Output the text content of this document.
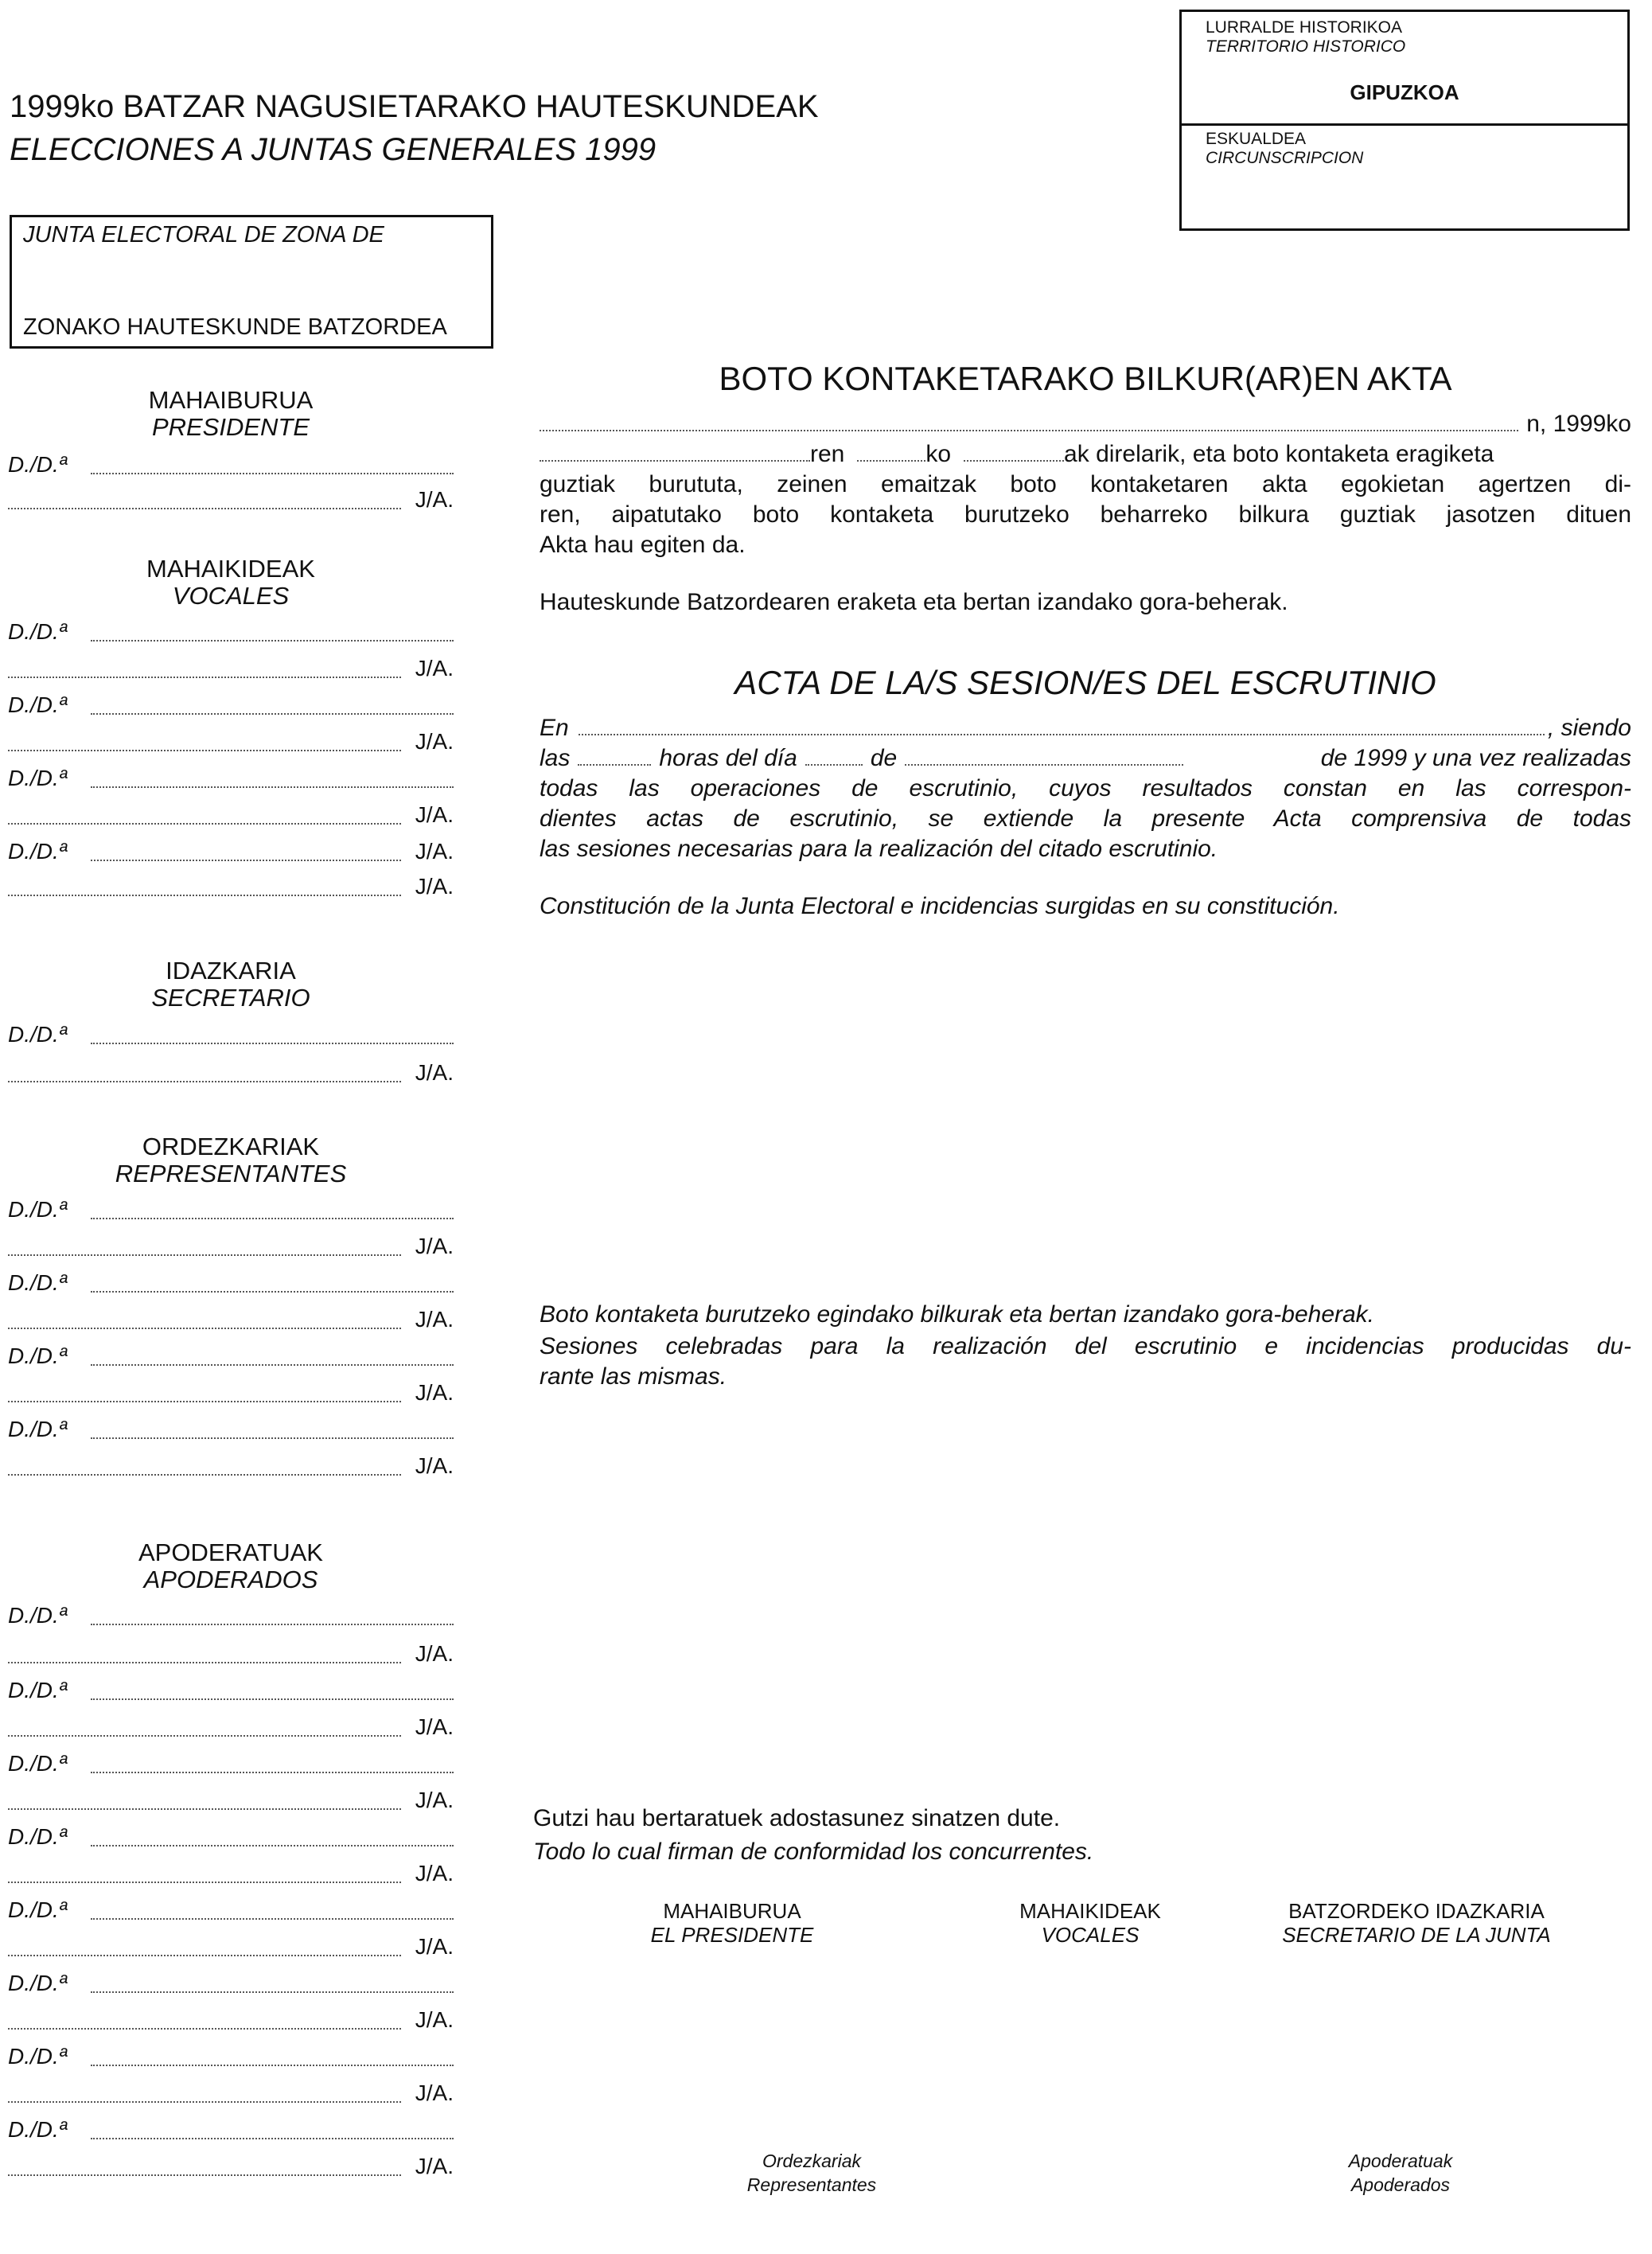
1999ko BATZAR NAGUSIETARAKO HAUTESKUNDEAK
ELECCIONES A JUNTAS GENERALES 1999
LURRALDE HISTORIKOA
TERRITORIO HISTORICO
GIPUZKOA
ESKUALDEA
CIRCUNSCRIPCION
JUNTA ELECTORAL DE ZONA DE
ZONAKO HAUTESKUNDE BATZORDEA
MAHAIBURUA
PRESIDENTE
MAHAIKIDEAK
VOCALES
IDAZKARIA
SECRETARIO
ORDEZKARIAK
REPRESENTANTES
APODERATUAK
APODERADOS
D./D.ª
J/A.
D./D.ª
J/A.
D./D.ª
J/A.
D./D.ª
J/A.
D./D.ª	J/A.
J/A.
D./D.ª
J/A.
D./D.ª
J/A.
D./D.ª
J/A.
D./D.ª
J/A.
D./D.ª
J/A.
D./D.ª
J/A.
D./D.ª
J/A.
D./D.ª
J/A.
D./D.ª
J/A.
D./D.ª
J/A.
D./D.ª
J/A.
D./D.ª
J/A.
D./D.ª
J/A.
BOTO KONTAKETARAKO BILKUR(AR)EN AKTA
n, 1999ko
ren	ko	ak direlarik, eta boto kontaketa eragiketa
guztiak burututa, zeinen emaitzak boto kontaketaren akta egokietan agertzen di-
ren, aipatutako boto kontaketa burutzeko beharreko bilkura guztiak jasotzen dituen
Akta hau egiten da.
Hauteskunde Batzordearen eraketa eta bertan izandako gora-beherak.
ACTA DE LA/S SESION/ES DEL ESCRUTINIO
En	, siendo
las	horas del día	de	de 1999 y una vez realizadas
todas las operaciones de escrutinio, cuyos resultados constan en las correspon-
dientes actas de escrutinio, se extiende la presente Acta comprensiva de todas
las sesiones necesarias para la realización del citado escrutinio.
Constitución de la Junta Electoral e incidencias surgidas en su constitución.
Boto kontaketa burutzeko egindako bilkurak eta bertan izandako gora-beherak.
Sesiones celebradas para la realización del escrutinio e incidencias producidas du-
rante las mismas.
Gutzi hau bertaratuek adostasunez sinatzen dute.
Todo lo cual firman de conformidad los concurrentes.
MAHAIBURUA
EL PRESIDENTE
MAHAIKIDEAK
VOCALES
BATZORDEKO IDAZKARIA
SECRETARIO DE LA JUNTA
Ordezkariak
Representantes
Apoderatuak
Apoderados
